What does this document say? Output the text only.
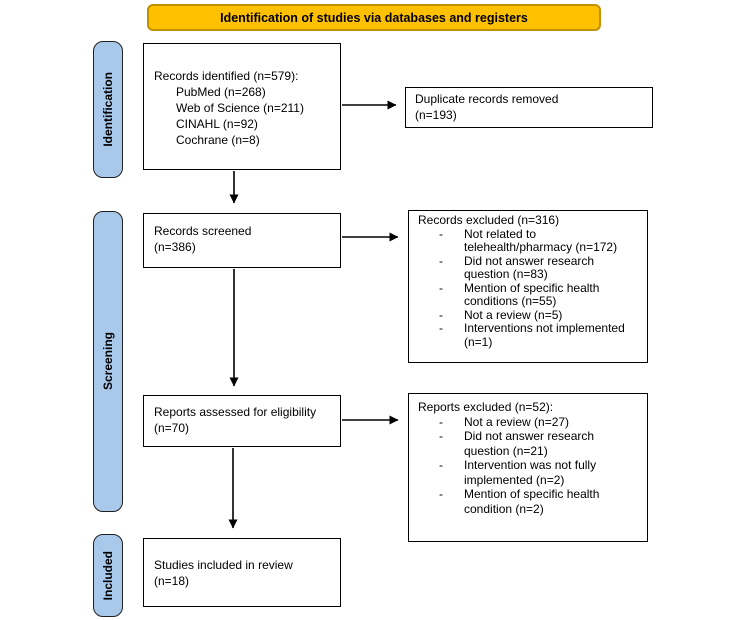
Identification of studies via databases and registers
Identification
Screening
Included
Records identified (n=579):
PubMed (n=268)
Web of Science (n=211)
CINAHL (n=92)
Cochrane (n=8)
Records screened
(n=386)
Reports assessed for eligibility
(n=70)
Studies included in review
(n=18)
Duplicate records removed
(n=193)
Records excluded (n=316)
- Not related to telehealth/pharmacy (n=172)
- Did not answer research question (n=83)
- Mention of specific health conditions (n=55)
- Not a review (n=5)
- Interventions not implemented (n=1)
Reports excluded (n=52):
- Not a review (n=27)
- Did not answer research question (n=21)
- Intervention was not fully implemented (n=2)
- Mention of specific health condition (n=2)
